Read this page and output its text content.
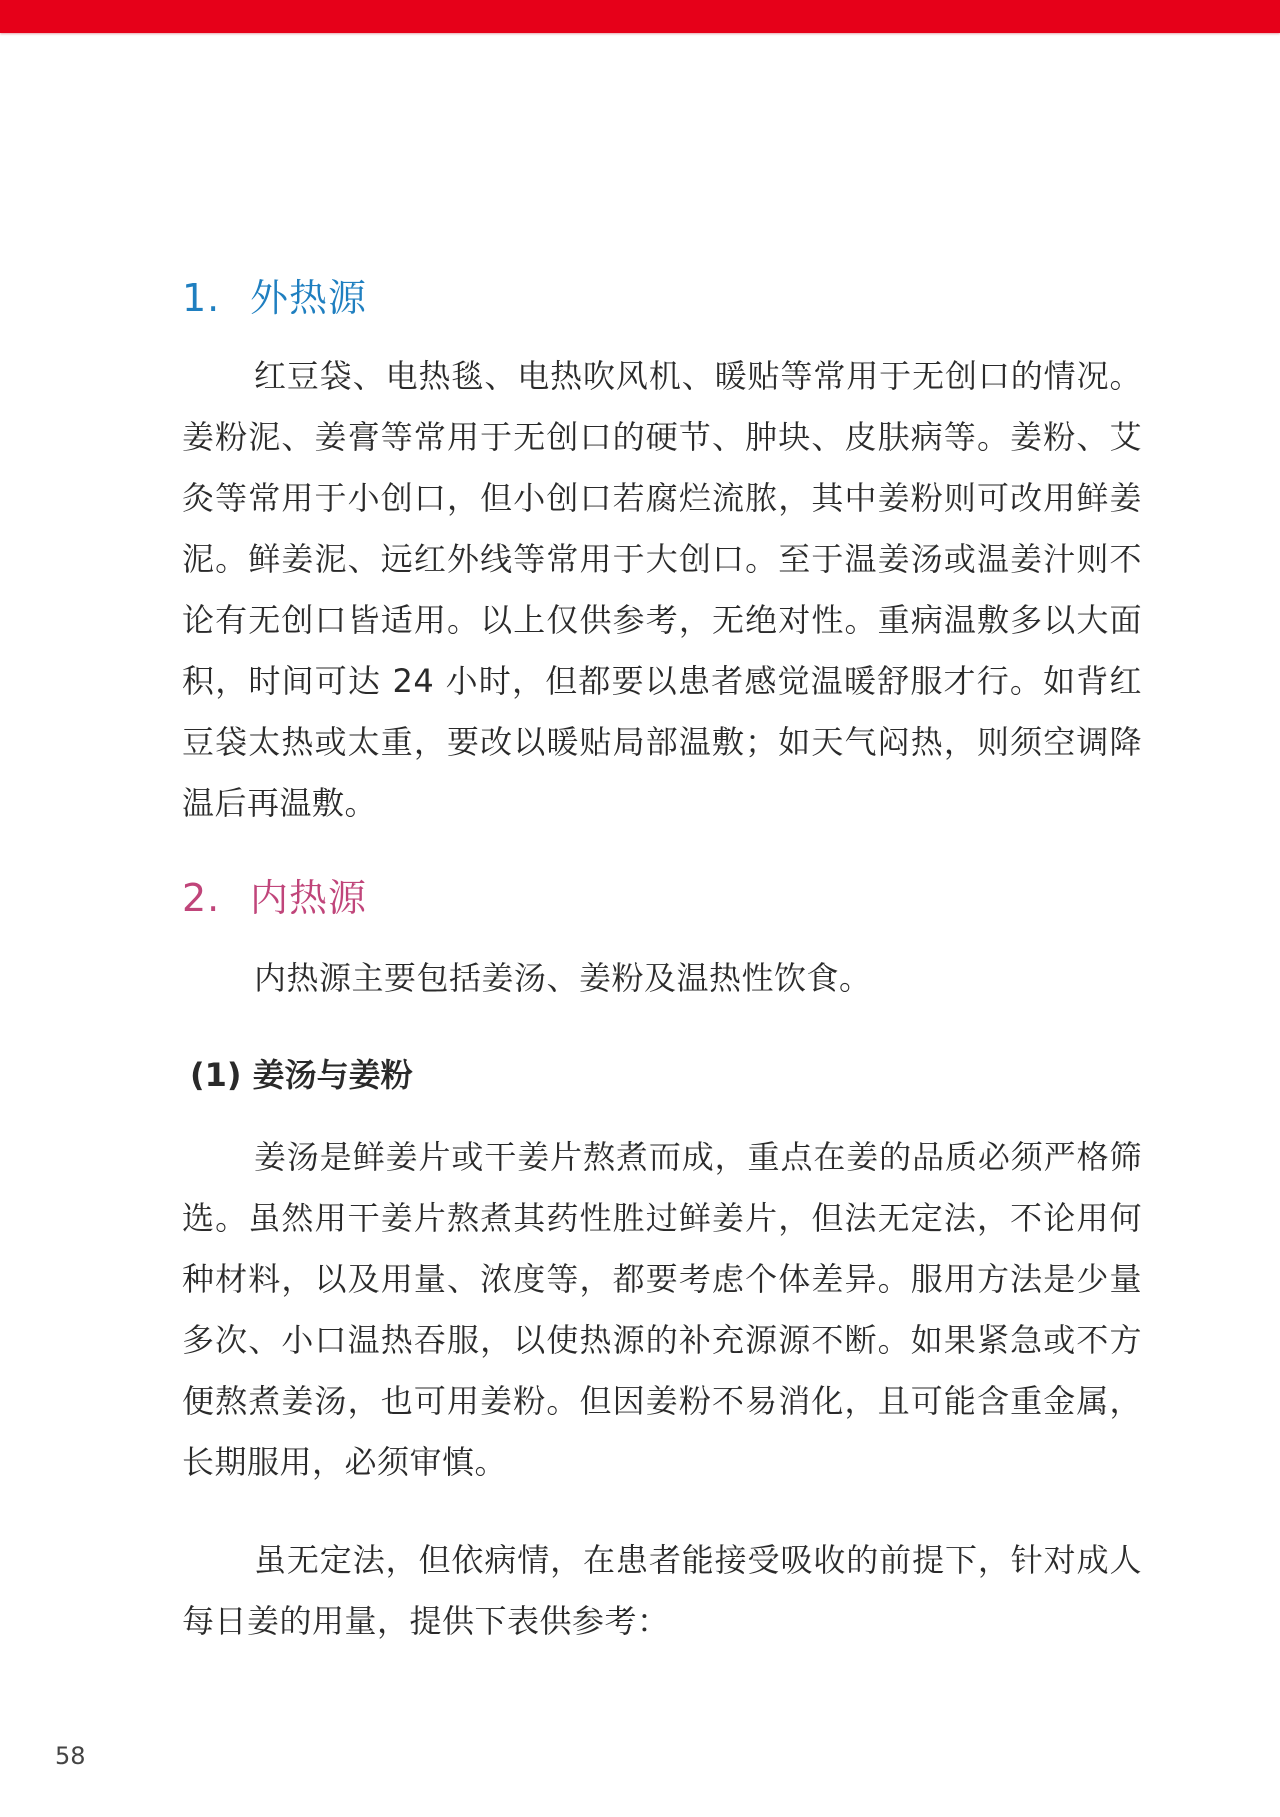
1. 外热源

红豆袋、电热毯、电热吹风机、暖贴等常用于无创口的情况。姜粉泥、姜膏等常用于无创口的硬节、肿块、皮肤病等。姜粉、艾灸等常用于小创口，但小创口若腐烂流脓，其中姜粉则可改用鲜姜泥。鲜姜泥、远红外线等常用于大创口。至于温姜汤或温姜汁则不论有无创口皆适用。以上仅供参考，无绝对性。重病温敷多以大面积，时间可达 24 小时，但都要以患者感觉温暖舒服才行。如背红豆袋太热或太重，要改以暖贴局部温敷；如天气闷热，则须空调降温后再温敷。

2. 内热源

内热源主要包括姜汤、姜粉及温热性饮食。

(1) 姜汤与姜粉

姜汤是鲜姜片或干姜片熬煮而成，重点在姜的品质必须严格筛选。虽然用干姜片熬煮其药性胜过鲜姜片，但法无定法，不论用何种材料，以及用量、浓度等，都要考虑个体差异。服用方法是少量多次、小口温热吞服，以使热源的补充源源不断。如果紧急或不方便熬煮姜汤，也可用姜粉。但因姜粉不易消化，且可能含重金属，长期服用，必须审慎。

虽无定法，但依病情，在患者能接受吸收的前提下，针对成人每日姜的用量，提供下表供参考：

58
